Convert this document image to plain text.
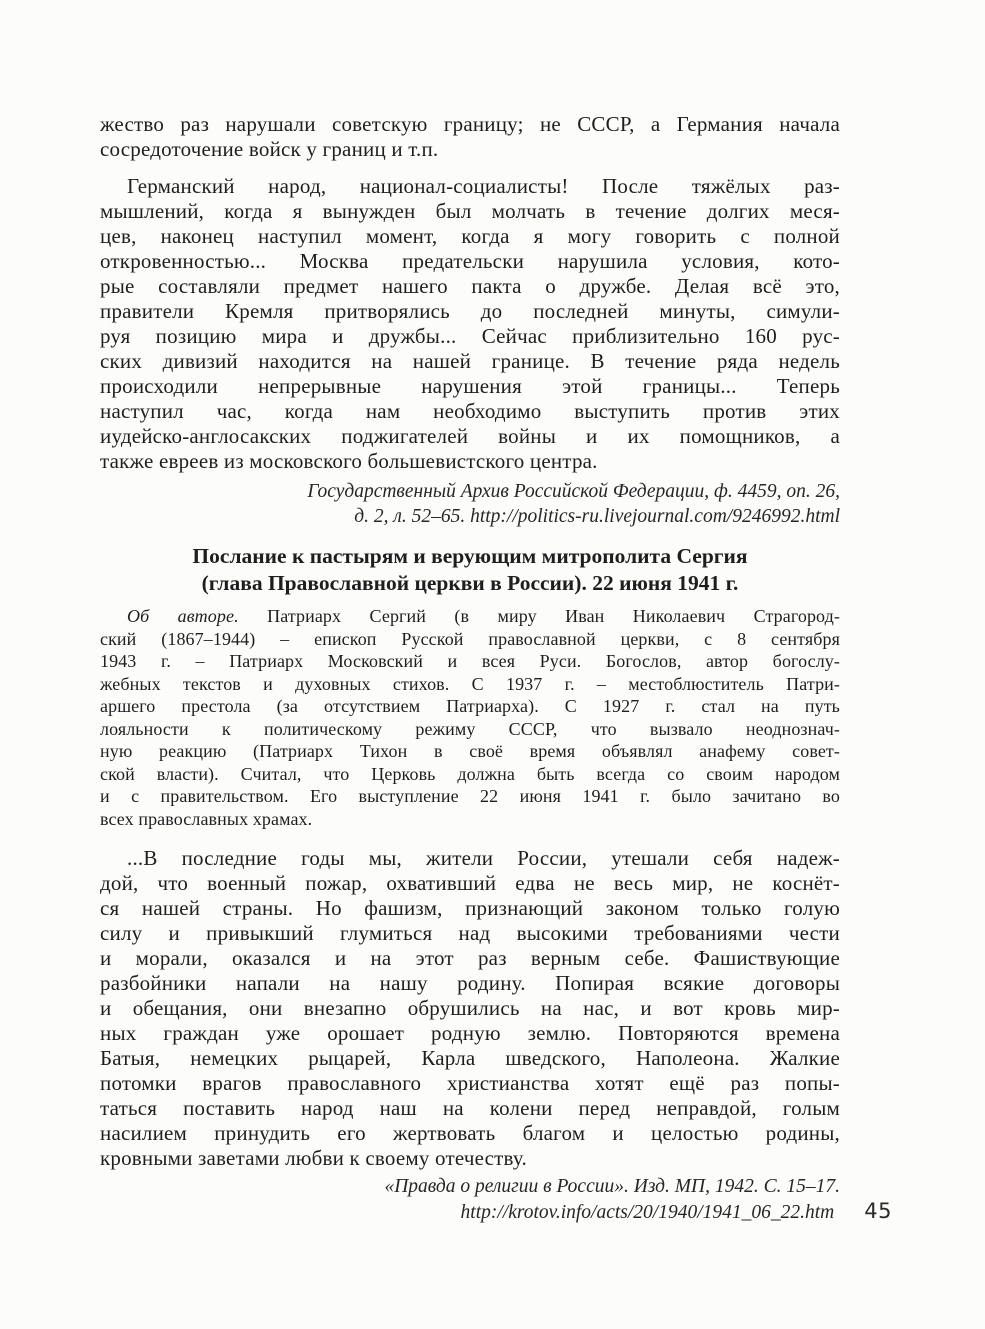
жество раз нарушали советскую границу; не СССР, а Германия начала
сосредоточение войск у границ и т.п.
Германский народ, национал-социалисты! После тяжёлых раз-
мышлений, когда я вынужден был молчать в течение долгих меся-
цев, наконец наступил момент, когда я могу говорить с полной
откровенностью... Москва предательски нарушила условия, кото-
рые составляли предмет нашего пакта о дружбе. Делая всё это,
правители Кремля притворялись до последней минуты, симули-
руя позицию мира и дружбы... Сейчас приблизительно 160 рус-
ских дивизий находится на нашей границе. В течение ряда недель
происходили непрерывные нарушения этой границы... Теперь
наступил час, когда нам необходимо выступить против этих
иудейско-англосакских поджигателей войны и их помощников, а
также евреев из московского большевистского центра.
Государственный Архив Российской Федерации, ф. 4459, оп. 26,
д. 2, л. 52–65. http://politics-ru.livejournal.com/9246992.html
Послание к пастырям и верующим митрополита Сергия
(глава Православной церкви в России). 22 июня 1941 г.
Об авторе. Патриарх Сергий (в миру Иван Николаевич Страгород-
ский (1867–1944) – епископ Русской православной церкви, с 8 сентября
1943 г. – Патриарх Московский и всея Руси. Богослов, автор богослу-
жебных текстов и духовных стихов. С 1937 г. – местоблюститель Патри-
аршего престола (за отсутствием Патриарха). С 1927 г. стал на путь
лояльности к политическому режиму СССР, что вызвало неоднознач-
ную реакцию (Патриарх Тихон в своё время объявлял анафему совет-
ской власти). Считал, что Церковь должна быть всегда со своим народом
и с правительством. Его выступление 22 июня 1941 г. было зачитано во
всех православных храмах.
...В последние годы мы, жители России, утешали себя надеж-
дой, что военный пожар, охвативший едва не весь мир, не коснёт-
ся нашей страны. Но фашизм, признающий законом только голую
силу и привыкший глумиться над высокими требованиями чести
и морали, оказался и на этот раз верным себе. Фашиствующие
разбойники напали на нашу родину. Попирая всякие договоры
и обещания, они внезапно обрушились на нас, и вот кровь мир-
ных граждан уже орошает родную землю. Повторяются времена
Батыя, немецких рыцарей, Карла шведского, Наполеона. Жалкие
потомки врагов православного христианства хотят ещё раз попы-
таться поставить народ наш на колени перед неправдой, голым
насилием принудить его жертвовать благом и целостью родины,
кровными заветами любви к своему отечеству.
«Правда о религии в России». Изд. МП, 1942. С. 15–17.
http://krotov.info/acts/20/1940/1941_06_22.htm 45
